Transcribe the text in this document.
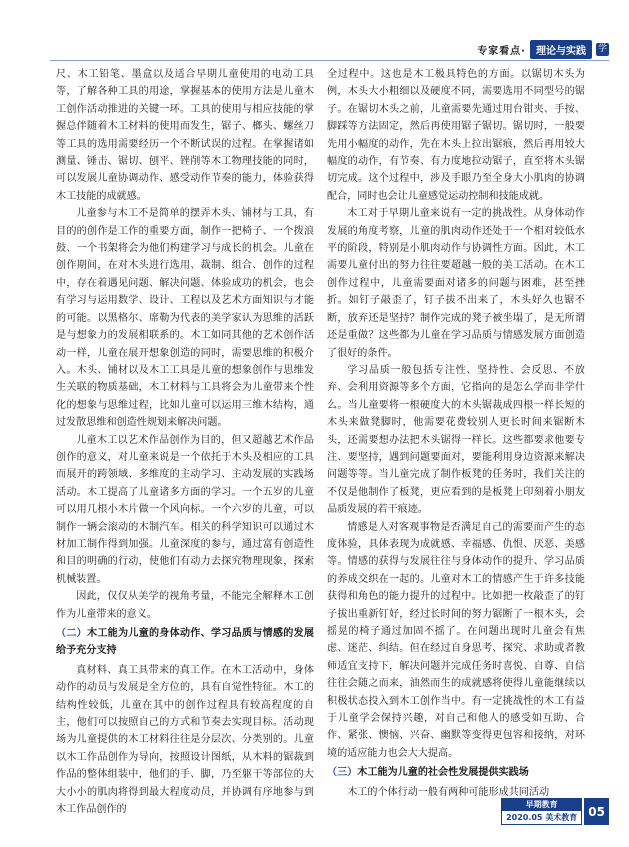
专家看点·	理论与实践	学

尺、木工铅笔、墨盒以及适合早期儿童使用的电动工具等，了解各种工具的用途，掌握基本的使用方法是儿童木工创作活动推进的关键一环。工具的使用与相应技能的掌握总伴随着木工材料的使用而发生，锯子、榔头、螺丝刀等工具的选用需要经历一个不断试误的过程。在掌握诸如测量、锤击、锯切、刨平、锉削等木工物理技能的同时，可以发展儿童协调动作、感受动作节奏的能力，体验获得木工技能的成就感。

儿童参与木工不是简单的摆弄木头、铺材与工具，有目的的创作是工作的重要方面，制作一把椅子、一个拨浪鼓、一个书架将会为他们构建学习与成长的机会。儿童在创作期间，在对木头进行选用、裁制、组合、创作的过程中，存在着遇见问题、解决问题、体验成功的机会，也会有学习与运用数学、设计、工程以及艺术方面知识与才能的可能。以黑格尔、席勒为代表的美学家认为思维的活跃是与想象力的发展相联系的。木工如同其他的艺术创作活动一样，儿童在展开想象创造的同时，需要思维的积极介入。木头、铺材以及木工工具是儿童的想象创作与思维发生关联的物质基础，木工材料与工具将会为儿童带来个性化的想象与思维过程，比如儿童可以运用三维木结构，通过发散思维和创造性规划来解决问题。

儿童木工以艺术作品创作为目的，但又超越艺术作品创作的意义，对儿童来说是一个依托于木头及相应的工具而展开的跨领域、多维度的主动学习、主动发展的实践场活动。木工提高了儿童诸多方面的学习。一个五岁的儿童可以用几根小木片做一个风向标。一个六岁的儿童，可以制作一辆会滚动的木制汽车。相关的科学知识可以通过木材加工制作得到加强。儿童深度的参与，通过富有创造性和目的明确的行动，使他们有动力去探究物理现象，探索机械装置。

因此，仅仅从美学的视角考量，不能完全解释木工创作为儿童带来的意义。

（二）木工能为儿童的身体动作、学习品质与情感的发展给予充分支持

真材料、真工具带来的真工作。在木工活动中，身体动作的动员与发展是全方位的，具有自觉性特征。木工的结构性较低，儿童在其中的创作过程具有较高程度的自主，他们可以按照自己的方式和节奏去实现目标。活动现场为儿童提供的木工材料往往是分层次、分类别的。儿童以木工作品创作为导向，按照设计图纸，从木料的锯裁到作品的整体组装中，他们的手、脚，乃至躯干等部位的大大小小的肌肉将得到最大程度动员，并协调有序地参与到木工作品创作的

全过程中。这也是木工极具特色的方面。以锯切木头为例，木头大小粗细以及硬度不同，需要选用不同型号的锯子。在锯切木头之前，儿童需要先通过用台钳夹、手按、脚踩等方法固定，然后再使用锯子锯切。锯切时，一般要先用小幅度的动作，先在木头上拉出锯痕，然后再用较大幅度的动作，有节奏、有力度地拉动锯子，直至将木头锯切完成。这个过程中，涉及手眼乃至全身大小肌肉的协调配合，同时也会让儿童感觉运动控制和技能成就。

木工对于早期儿童来说有一定的挑战性。从身体动作发展的角度考察，儿童的肌肉动作还处于一个相对较低水平的阶段，特别是小肌肉动作与协调性方面。因此，木工需要儿童付出的努力往往要超越一般的美工活动。在木工创作过程中，儿童需要面对诸多的问题与困难，甚至挫折。如钉子敲歪了，钉子拔不出来了，木头好久也锯不断，放弃还是坚持？制作完成的凳子被坐塌了，是无所谓还是重做？这些都为儿童在学习品质与情感发展方面创造了很好的条件。

学习品质一般包括专注性、坚持性、会反思、不放弃、会利用资源等多个方面，它指向的是怎么学而非学什么。当儿童要将一根硬度大的木头锯裁成四根一样长短的木头来做凳脚时，他需要花费较别人更长时间来锯断木头，还需要想办法把木头锯得一样长。这些都要求他要专注、要坚持，遇到问题要面对，要能利用身边资源来解决问题等等。当儿童完成了制作板凳的任务时，我们关注的不仅是他制作了板凳，更应看到的是板凳上印刻着小朋友品质发展的若干痕迹。

情感是人对客观事物是否满足自己的需要而产生的态度体验，具体表现为成就感、幸福感、仇恨、厌恶、美感等。情感的获得与发展往往与身体动作的提升、学习品质的养成交织在一起的。儿童对木工的情感产生于许多技能获得和角色的能力提升的过程中。比如把一枚敲歪了的钉子拔出重新钉好，经过长时间的努力锯断了一根木头，会摇晃的椅子通过加固不摇了。在问题出现时儿童会有焦虑、迷茫、纠结。但在经过自身思考、探究、求助或者教师适宜支持下，解决问题并完成任务时喜悦、自尊、自信往往会随之而来，油然而生的成就感将使得儿童能继续以积极状态投入到木工创作当中。有一定挑战性的木工有益于儿童学会保持兴趣，对自己和他人的感受如互助、合作、紧张、懊恼、兴奋、幽默等变得更包容和接纳，对环境的适应能力也会大大提高。

（三）木工能为儿童的社会性发展提供实践场

木工的个体行动一般有两种可能形成共同活动

早期教育
2020.05 美术教育 05
